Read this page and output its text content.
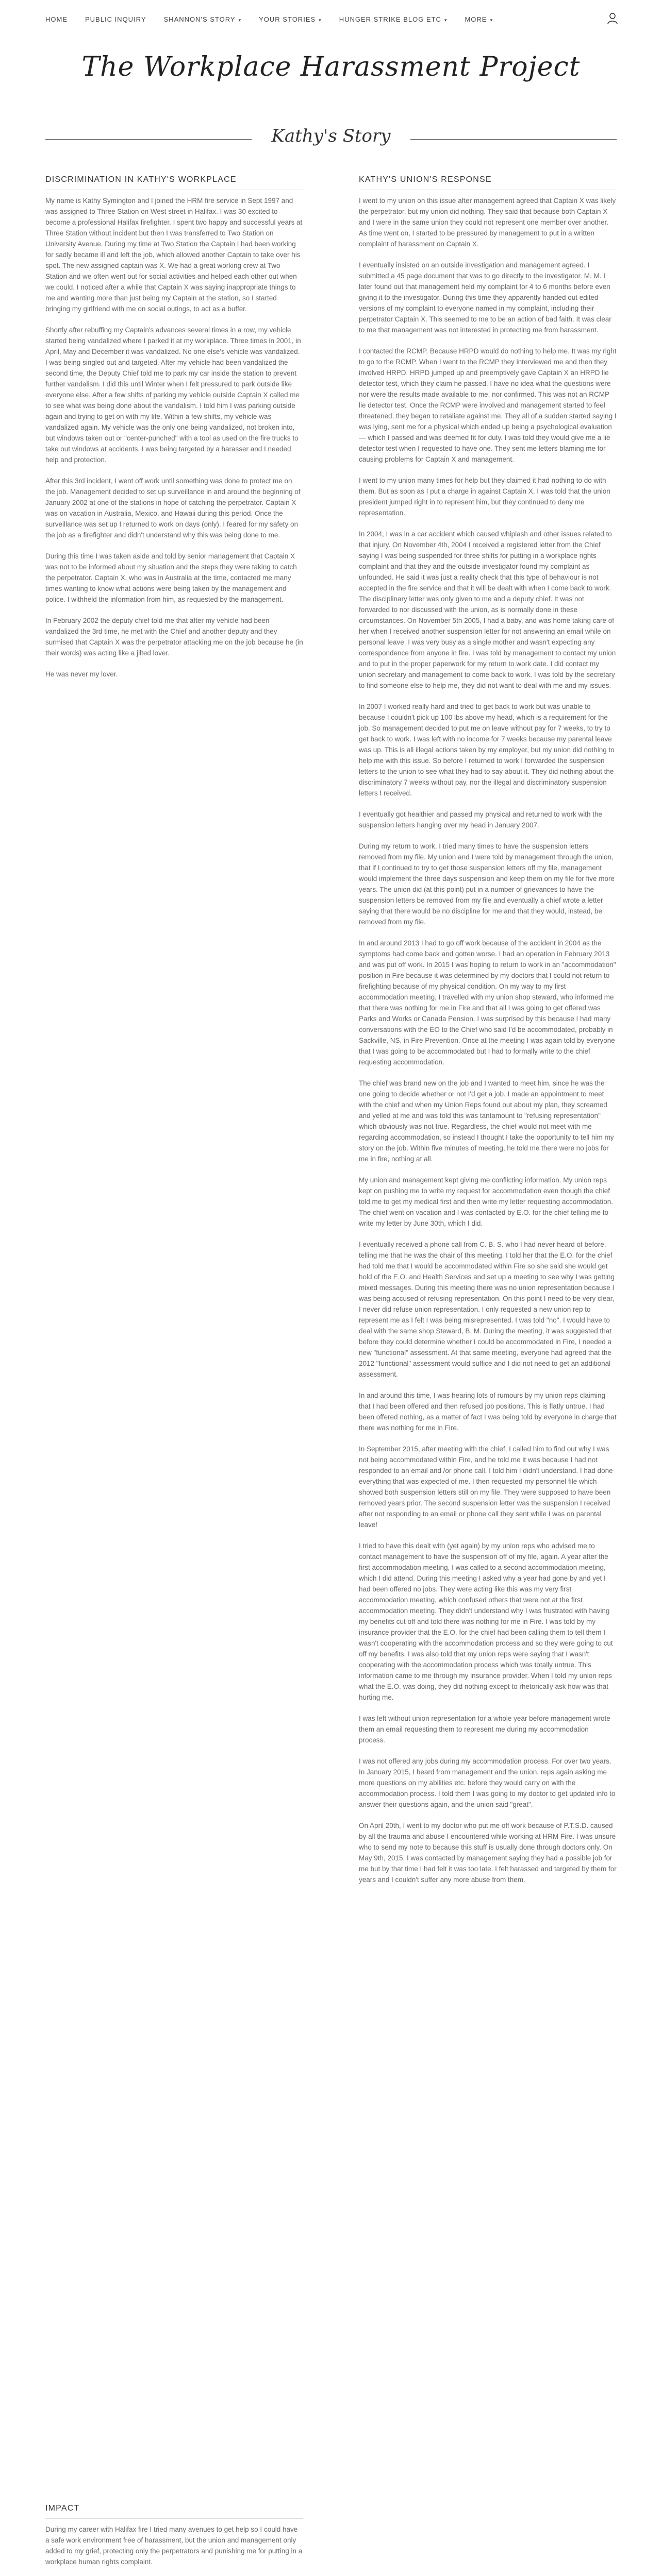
HOME	PUBLIC INQUIRY	SHANNON'S STORY ▾	YOUR STORIES ▾	HUNGER STRIKE BLOG ETC ▾	MORE ▾
The Workplace Harassment Project
Kathy's Story
DISCRIMINATION IN KATHY'S WORKPLACE

My name is Kathy Symington and I joined the HRM fire service in Sept 1997 and was assigned to Three Station on West street in Halifax. I was 30 excited to become a professional Halifax firefighter. I spent two happy and successful years at Three Station without incident but then I was transferred to Two Station on University Avenue. During my time at Two Station the Captain I had been working for sadly became ill and left the job, which allowed another Captain to take over his spot. The new assigned captain was X. We had a great working crew at Two Station and we often went out for social activities and helped each other out when we could. I noticed after a while that Captain X was saying inappropriate things to me and wanting more than just being my Captain at the station, so I started bringing my girlfriend with me on social outings, to act as a buffer.

Shortly after rebuffing my Captain's advances several times in a row, my vehicle started being vandalized where I parked it at my workplace. Three times in 2001, in April, May and December it was vandalized. No one else's vehicle was vandalized. I was being singled out and targeted. After my vehicle had been vandalized the second time, the Deputy Chief told me to park my car inside the station to prevent further vandalism. I did this until Winter when I felt pressured to park outside like everyone else. After a few shifts of parking my vehicle outside Captain X called me to see what was being done about the vandalism. I told him I was parking outside again and trying to get on with my life. Within a few shifts, my vehicle was vandalized again. My vehicle was the only one being vandalized, not broken into, but windows taken out or "center-punched" with a tool as used on the fire trucks to take out windows at accidents. I was being targeted by a harasser and I needed help and protection.

After this 3rd incident, I went off work until something was done to protect me on the job. Management decided to set up surveillance in and around the beginning of January 2002 at one of the stations in hope of catching the perpetrator. Captain X was on vacation in Australia, Mexico, and Hawaii during this period. Once the surveillance was set up I returned to work on days (only). I feared for my safety on the job as a firefighter and didn't understand why this was being done to me.

During this time I was taken aside and told by senior management that Captain X was not to be informed about my situation and the steps they were taking to catch the perpetrator. Captain X, who was in Australia at the time, contacted me many times wanting to know what actions were being taken by the management and police. I withheld the information from him, as requested by the management.

In February 2002 the deputy chief told me that after my vehicle had been vandalized the 3rd time, he met with the Chief and another deputy and they surmised that Captain X was the perpetrator attacking me on the job because he (in their words) was acting like a jilted lover.

He was never my lover.

KATHY'S UNION'S RESPONSE

I went to my union on this issue after management agreed that Captain X was likely the perpetrator, but my union did nothing. They said that because both Captain X and I were in the same union they could not represent one member over another. As time went on, I started to be pressured by management to put in a written complaint of harassment on Captain X.

I eventually insisted on an outside investigation and management agreed. I submitted a 45 page document that was to go directly to the investigator. M. M. I later found out that management held my complaint for 4 to 6 months before even giving it to the investigator. During this time they apparently handed out edited versions of my complaint to everyone named in my complaint, including their perpetrator Captain X. This seemed to me to be an action of bad faith. It was clear to me that management was not interested in protecting me from harassment.

I contacted the RCMP. Because HRPD would do nothing to help me. It was my right to go to the RCMP. When I went to the RCMP they interviewed me and then they involved HRPD. HRPD jumped up and preemptively gave Captain X an HRPD lie detector test, which they claim he passed. I have no idea what the questions were nor were the results made available to me, nor confirmed. This was not an RCMP lie detector test. Once the RCMP were involved and management started to feel threatened, they began to retaliate against me. They all of a sudden started saying I was lying, sent me for a physical which ended up being a psychological evaluation — which I passed and was deemed fit for duty. I was told they would give me a lie detector test when I requested to have one. They sent me letters blaming me for causing problems for Captain X and management.

I went to my union many times for help but they claimed it had nothing to do with them. But as soon as I put a charge in against Captain X, I was told that the union president jumped right in to represent him, but they continued to deny me representation.

In 2004, I was in a car accident which caused whiplash and other issues related to that injury. On November 4th, 2004 I received a registered letter from the Chief saying I was being suspended for three shifts for putting in a workplace rights complaint and that they and the outside investigator found my complaint as unfounded. He said it was just a reality check that this type of behaviour is not accepted in the fire service and that it will be dealt with when I come back to work. The disciplinary letter was only given to me and a deputy chief. It was not forwarded to nor discussed with the union, as is normally done in these circumstances. On November 5th 2005, I had a baby, and was home taking care of her when I received another suspension letter for not answering an email while on personal leave. I was very busy as a single mother and wasn't expecting any correspondence from anyone in fire. I was told by management to contact my union and to put in the proper paperwork for my return to work date. I did contact my union secretary and management to come back to work. I was told by the secretary to find someone else to help me, they did not want to deal with me and my issues.

In 2007 I worked really hard and tried to get back to work but was unable to because I couldn't pick up 100 lbs above my head, which is a requirement for the job. So management decided to put me on leave without pay for 7 weeks, to try to get back to work. I was left with no income for 7 weeks because my parental leave was up. This is all illegal actions taken by my employer, but my union did nothing to help me with this issue. So before I returned to work I forwarded the suspension letters to the union to see what they had to say about it. They did nothing about the discriminatory 7 weeks without pay, nor the illegal and discriminatory suspension letters I received.

I eventually got healthier and passed my physical and returned to work with the suspension letters hanging over my head in January 2007.

During my return to work, I tried many times to have the suspension letters removed from my file. My union and I were told by management through the union, that if I continued to try to get those suspension letters off my file, management would implement the three days suspension and keep them on my file for five more years. The union did (at this point) put in a number of grievances to have the suspension letters be removed from my file and eventually a chief wrote a letter saying that there would be no discipline for me and that they would, instead, be removed from my file.

In and around 2013 I had to go off work because of the accident in 2004 as the symptoms had come back and gotten worse. I had an operation in February 2013 and was put off work. In 2015 I was hoping to return to work in an "accommodation" position in Fire because it was determined by my doctors that I could not return to firefighting because of my physical condition. On my way to my first accommodation meeting, I travelled with my union shop steward, who informed me that there was nothing for me in Fire and that all I was going to get offered was Parks and Works or Canada Pension. I was surprised by this because I had many conversations with the EO to the Chief who said I'd be accommodated, probably in Sackville, NS, in Fire Prevention. Once at the meeting I was again told by everyone that I was going to be accommodated but I had to formally write to the chief requesting accommodation.

The chief was brand new on the job and I wanted to meet him, since he was the one going to decide whether or not I'd get a job. I made an appointment to meet with the chief and when my Union Reps found out about my plan, they screamed and yelled at me and was told this was tantamount to "refusing representation" which obviously was not true. Regardless, the chief would not meet with me regarding accommodation, so instead I thought I take the opportunity to tell him my story on the job. Within five minutes of meeting, he told me there were no jobs for me in fire, nothing at all.

My union and management kept giving me conflicting information. My union reps kept on pushing me to write my request for accommodation even though the chief told me to get my medical first and then write my letter requesting accommodation. The chief went on vacation and I was contacted by E.O. for the chief telling me to write my letter by June 30th, which I did.

I eventually received a phone call from C. B. S. who I had never heard of before, telling me that he was the chair of this meeting. I told her that the E.O. for the chief had told me that I would be accommodated within Fire so she said she would get hold of the E.O. and Health Services and set up a meeting to see why I was getting mixed messages. During this meeting there was no union representation because I was being accused of refusing representation. On this point I need to be very clear, I never did refuse union representation. I only requested a new union rep to represent me as I felt I was being misrepresented. I was told "no". I would have to deal with the same shop Steward, B. M. During the meeting, it was suggested that before they could determine whether I could be accommodated in Fire, I needed a new "functional" assessment. At that same meeting, everyone had agreed that the 2012 "functional" assessment would suffice and I did not need to get an additional assessment.

In and around this time, I was hearing lots of rumours by my union reps claiming that I had been offered and then refused job positions. This is flatly untrue. I had been offered nothing, as a matter of fact I was being told by everyone in charge that there was nothing for me in Fire.

In September 2015, after meeting with the chief, I called him to find out why I was not being accommodated within Fire, and he told me it was because I had not responded to an email and /or phone call. I told him I didn't understand. I had done everything that was expected of me. I then requested my personnel file which showed both suspension letters still on my file. They were supposed to have been removed years prior. The second suspension letter was the suspension I received after not responding to an email or phone call they sent while I was on parental leave!

I tried to have this dealt with (yet again) by my union reps who advised me to contact management to have the suspension off of my file, again. A year after the first accommodation meeting, I was called to a second accommodation meeting, which I did attend. During this meeting I asked why a year had gone by and yet I had been offered no jobs. They were acting like this was my very first accommodation meeting, which confused others that were not at the first accommodation meeting. They didn't understand why I was frustrated with having my benefits cut off and told there was nothing for me in Fire. I was told by my insurance provider that the E.O. for the chief had been calling them to tell them I wasn't cooperating with the accommodation process and so they were going to cut off my benefits. I was also told that my union reps were saying that I wasn't cooperating with the accommodation process which was totally untrue. This information came to me through my insurance provider. When I told my union reps what the E.O. was doing, they did nothing except to rhetorically ask how was that hurting me.

I was left without union representation for a whole year before management wrote them an email requesting them to represent me during my accommodation process.

I was not offered any jobs during my accommodation process. For over two years. In January 2015, I heard from management and the union, reps again asking me more questions on my abilities etc. before they would carry on with the accommodation process. I told them I was going to my doctor to get updated info to answer their questions again, and the union said "great".

On April 20th, I went to my doctor who put me off work because of P.T.S.D. caused by all the trauma and abuse I encountered while working at HRM Fire. I was unsure who to send my note to because this stuff is usually done through doctors only. On May 9th, 2015, I was contacted by management saying they had a possible job for me but by that time I had felt it was too late. I felt harassed and targeted by them for years and I couldn't suffer any more abuse from them.

IMPACT

During my career with Halifax fire I tried many avenues to get help so I could have a safe work environment free of harassment, but the union and management only added to my grief, protecting only the perpetrators and punishing me for putting in a workplace human rights complaint.
